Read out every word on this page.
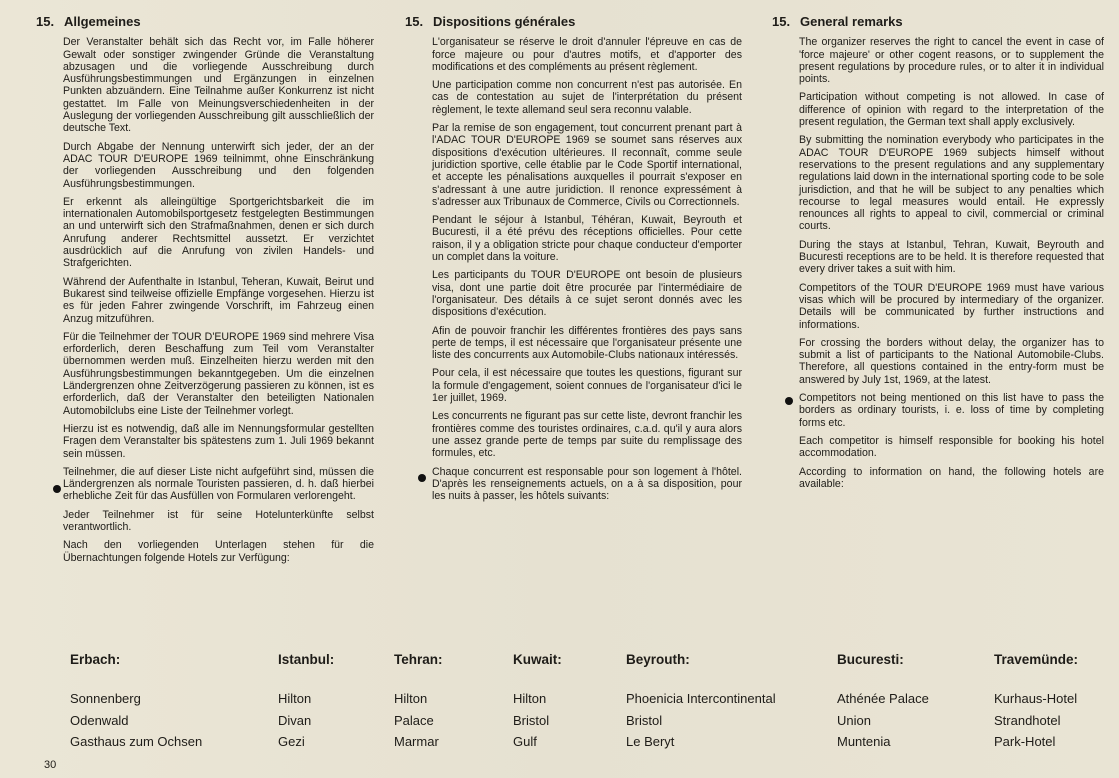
15. Allgemeines

Der Veranstalter behält sich das Recht vor, im Falle höherer Gewalt oder sonstiger zwingender Gründe die Veranstaltung abzusagen und die vorliegende Ausschreibung durch Ausführungsbestimmungen und Ergänzungen in einzelnen Punkten abzuändern. Eine Teilnahme außer Konkurrenz ist nicht gestattet. Im Falle von Meinungsverschiedenheiten in der Auslegung der vorliegenden Ausschreibung gilt ausschließlich der deutsche Text.

Durch Abgabe der Nennung unterwirft sich jeder, der an der ADAC TOUR D'EUROPE 1969 teilnimmt, ohne Einschränkung der vorliegenden Ausschreibung und den folgenden Ausführungsbestimmungen.

Er erkennt als alleingültige Sportgerichtsbarkeit die im internationalen Automobilsportgesetz festgelegten Bestimmungen an und unterwirft sich den Strafmaßnahmen, denen er sich durch Anrufung anderer Rechtsmittel aussetzt. Er verzichtet ausdrücklich auf die Anrufung von zivilen Handels- und Strafgerichten.

Während der Aufenthalte in Istanbul, Teheran, Kuwait, Beirut und Bukarest sind teilweise offizielle Empfänge vorgesehen. Hierzu ist es für jeden Fahrer zwingende Vorschrift, im Fahrzeug einen Anzug mitzuführen.

Für die Teilnehmer der TOUR D'EUROPE 1969 sind mehrere Visa erforderlich, deren Beschaffung zum Teil vom Veranstalter übernommen werden muß. Einzelheiten hierzu werden mit den Ausführungsbestimmungen bekanntgegeben. Um die einzelnen Ländergrenzen ohne Zeitverzögerung passieren zu können, ist es erforderlich, daß der Veranstalter den beteiligten Nationalen Automobilclubs eine Liste der Teilnehmer vorlegt.

Hierzu ist es notwendig, daß alle im Nennungsformular gestellten Fragen dem Veranstalter bis spätestens zum 1. Juli 1969 bekannt sein müssen.

Teilnehmer, die auf dieser Liste nicht aufgeführt sind, müssen die Ländergrenzen als normale Touristen passieren, d. h. daß hierbei erhebliche Zeit für das Ausfüllen von Formularen verlorengeht.

Jeder Teilnehmer ist für seine Hotelunterkünfte selbst verantwortlich.

Nach den vorliegenden Unterlagen stehen für die Übernachtungen folgende Hotels zur Verfügung:

15. Dispositions générales

L'organisateur se réserve le droit d'annuler l'épreuve en cas de force majeure ou pour d'autres motifs, et d'apporter des modifications et des compléments au présent règlement.

Une participation comme non concurrent n'est pas autorisée. En cas de contestation au sujet de l'interprétation du présent règlement, le texte allemand seul sera reconnu valable.

Par la remise de son engagement, tout concurrent prenant part à l'ADAC TOUR D'EUROPE 1969 se soumet sans réserves aux dispositions d'exécution ultérieures. Il reconnaît, comme seule juridiction sportive, celle établie par le Code Sportif international, et accepte les pénalisations auxquelles il pourrait s'exposer en s'adressant à une autre juridiction. Il renonce expressément à s'adresser aux Tribunaux de Commerce, Civils ou Correctionnels.

Pendant le séjour à Istanbul, Téhéran, Kuwait, Beyrouth et Bucuresti, il a été prévu des réceptions officielles. Pour cette raison, il y a obligation stricte pour chaque conducteur d'emporter un complet dans la voiture.

Les participants du TOUR D'EUROPE ont besoin de plusieurs visa, dont une partie doit être procurée par l'intermédiaire de l'organisateur. Des détails à ce sujet seront donnés avec les dispositions d'exécution.

Afin de pouvoir franchir les différentes frontières des pays sans perte de temps, il est nécessaire que l'organisateur présente une liste des concurrents aux Automobile-Clubs nationaux intéressés.

Pour cela, il est nécessaire que toutes les questions, figurant sur la formule d'engagement, soient connues de l'organisateur d'ici le 1er juillet, 1969.

Les concurrents ne figurant pas sur cette liste, devront franchir les frontières comme des touristes ordinaires, c.a.d. qu'il y aura alors une assez grande perte de temps par suite du remplissage des formules, etc.

Chaque concurrent est responsable pour son logement à l'hôtel. D'après les renseignements actuels, on a à sa disposition, pour les nuits à passer, les hôtels suivants:

15. General remarks

The organizer reserves the right to cancel the event in case of 'force majeure' or other cogent reasons, or to supplement the present regulations by procedure rules, or to alter it in individual points.

Participation without competing is not allowed. In case of difference of opinion with regard to the interpretation of the present regulation, the German text shall apply exclusively.

By submitting the nomination everybody who participates in the ADAC TOUR D'EUROPE 1969 subjects himself without reservations to the present regulations and any supplementary regulations laid down in the international sporting code to be sole jurisdiction, and that he will be subject to any penalties which recourse to legal measures would entail. He expressly renounces all rights to appeal to civil, commercial or criminal courts.

During the stays at Istanbul, Tehran, Kuwait, Beyrouth and Bucuresti receptions are to be held. It is therefore requested that every driver takes a suit with him.

Competitors of the TOUR D'EUROPE 1969 must have various visas which will be procured by intermediary of the organizer. Details will be communicated by further instructions and informations.

For crossing the borders without delay, the organizer has to submit a list of participants to the National Automobile-Clubs. Therefore, all questions contained in the entry-form must be answered by July 1st, 1969, at the latest.

Competitors not being mentioned on this list have to pass the borders as ordinary tourists, i. e. loss of time by completing forms etc.

Each competitor is himself responsible for booking his hotel accommodation.

According to information on hand, the following hotels are available:

Erbach:
Sonnenberg
Odenwald
Gasthaus zum Ochsen
Istanbul:
Hilton
Divan
Gezi
Tehran:
Hilton
Palace
Marmar
Kuwait:
Hilton
Bristol
Gulf
Beyrouth:
Phoenicia Intercontinental
Bristol
Le Beryt
Bucuresti:
Athénée Palace
Union
Muntenia
Travemünde:
Kurhaus-Hotel
Strandhotel
Park-Hotel
30
